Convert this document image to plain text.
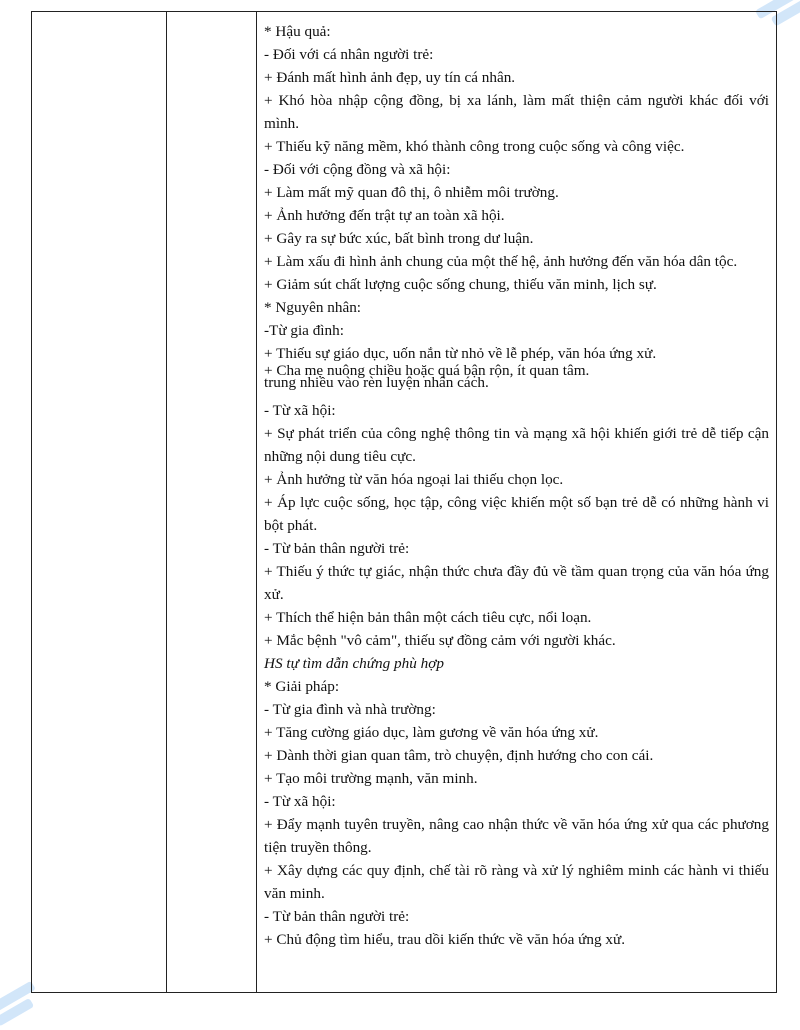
* Hậu quả:
- Đối với cá nhân người trẻ:
+ Đánh mất hình ảnh đẹp, uy tín cá nhân.
+ Khó hòa nhập cộng đồng, bị xa lánh, làm mất thiện cảm người khác đối với mình.
+ Thiếu kỹ năng mềm, khó thành công trong cuộc sống và công việc.
- Đối với cộng đồng và xã hội:
+ Làm mất mỹ quan đô thị, ô nhiễm môi trường.
+ Ảnh hưởng đến trật tự an toàn xã hội.
+ Gây ra sự bức xúc, bất bình trong dư luận.
+ Làm xấu đi hình ảnh chung của một thế hệ, ảnh hưởng đến văn hóa dân tộc.
+ Giảm sút chất lượng cuộc sống chung, thiếu văn minh, lịch sự.
* Nguyên nhân:
-Từ gia đình:
+ Thiếu sự giáo dục, uốn nắn từ nhỏ về lễ phép, văn hóa ứng xử.
+ Cha mẹ nuông chiều hoặc quá bận rộn, ít quan tâm.
trung nhiều vào rèn luyện nhân cách.
- Từ xã hội:
+ Sự phát triển của công nghệ thông tin và mạng xã hội khiến giới trẻ dễ tiếp cận những nội dung tiêu cực.
+ Ảnh hưởng từ văn hóa ngoại lai thiếu chọn lọc.
+ Áp lực cuộc sống, học tập, công việc khiến một số bạn trẻ dễ có những hành vi bột phát.
- Từ bản thân người trẻ:
+ Thiếu ý thức tự giác, nhận thức chưa đầy đủ về tầm quan trọng của văn hóa ứng xử.
+ Thích thể hiện bản thân một cách tiêu cực, nổi loạn.
+ Mắc bệnh "vô cảm", thiếu sự đồng cảm với người khác.
HS tự tìm dẫn chứng phù hợp
* Giải pháp:
- Từ gia đình và nhà trường:
+ Tăng cường giáo dục, làm gương về văn hóa ứng xử.
+ Dành thời gian quan tâm, trò chuyện, định hướng cho con cái.
+ Tạo môi trường mạnh, văn minh.
- Từ xã hội:
+ Đẩy mạnh tuyên truyền, nâng cao nhận thức về văn hóa ứng xử qua các phương tiện truyền thông.
+ Xây dựng các quy định, chế tài rõ ràng và xử lý nghiêm minh các hành vi thiếu văn minh.
- Từ bản thân người trẻ:
+ Chủ động tìm hiểu, trau dồi kiến thức về văn hóa ứng xử.
